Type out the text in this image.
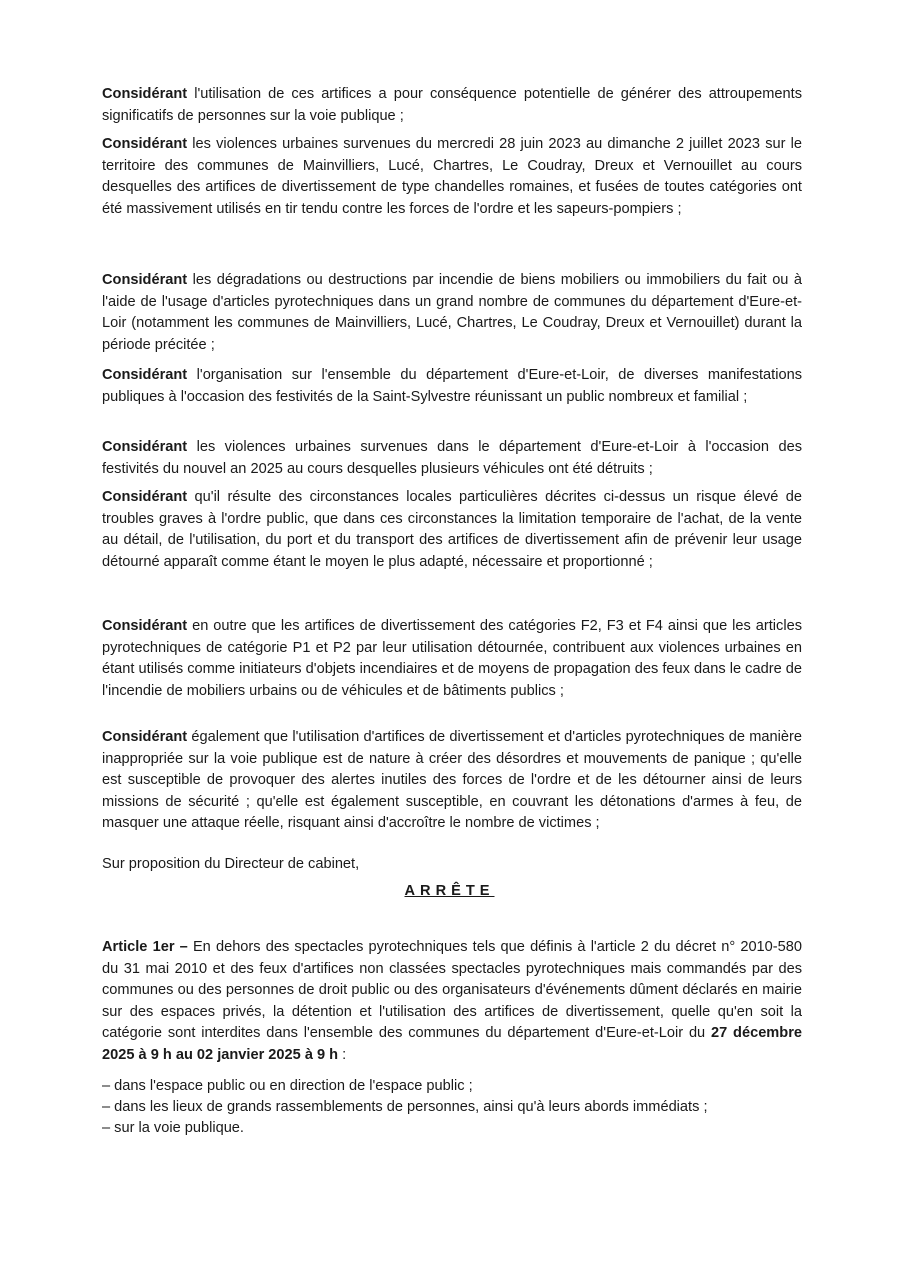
Considérant l'utilisation de ces artifices a pour conséquence potentielle de générer des attroupements significatifs de personnes sur la voie publique ;

Considérant les violences urbaines survenues du mercredi 28 juin 2023 au dimanche 2 juillet 2023 sur le territoire des communes de Mainvilliers, Lucé, Chartres, Le Coudray, Dreux et Vernouillet au cours desquelles des artifices de divertissement de type chandelles romaines, et fusées de toutes catégories ont été massivement utilisés en tir tendu contre les forces de l'ordre et les sapeurs-pompiers ;

Considérant les dégradations ou destructions par incendie de biens mobiliers ou immobiliers du fait ou à l'aide de l'usage d'articles pyrotechniques dans un grand nombre de communes du département d'Eure-et-Loir (notamment les communes de Mainvilliers, Lucé, Chartres, Le Coudray, Dreux et Vernouillet) durant la période précitée ;

Considérant l'organisation sur l'ensemble du département d'Eure-et-Loir, de diverses manifestations publiques à l'occasion des festivités de la Saint-Sylvestre réunissant un public nombreux et familial ;

Considérant les violences urbaines survenues dans le département d'Eure-et-Loir à l'occasion des festivités du nouvel an 2025 au cours desquelles plusieurs véhicules ont été détruits ;

Considérant qu'il résulte des circonstances locales particulières décrites ci-dessus un risque élevé de troubles graves à l'ordre public, que dans ces circonstances la limitation temporaire de l'achat, de la vente au détail, de l'utilisation, du port et du transport des artifices de divertissement afin de prévenir leur usage détourné apparaît comme étant le moyen le plus adapté, nécessaire et proportionné ;

Considérant en outre que les artifices de divertissement des catégories F2, F3 et F4 ainsi que les articles pyrotechniques de catégorie P1 et P2 par leur utilisation détournée, contribuent aux violences urbaines en étant utilisés comme initiateurs d'objets incendiaires et de moyens de propagation des feux dans le cadre de l'incendie de mobiliers urbains ou de véhicules et de bâtiments publics ;

Considérant également que l'utilisation d'artifices de divertissement et d'articles pyrotechniques de manière inappropriée sur la voie publique est de nature à créer des désordres et mouvements de panique ; qu'elle est susceptible de provoquer des alertes inutiles des forces de l'ordre et de les détourner ainsi de leurs missions de sécurité ; qu'elle est également susceptible, en couvrant les détonations d'armes à feu, de masquer une attaque réelle, risquant ainsi d'accroître le nombre de victimes ;

Sur proposition du Directeur de cabinet,

ARRÊTE

Article 1er – En dehors des spectacles pyrotechniques tels que définis à l'article 2 du décret n° 2010-580 du 31 mai 2010 et des feux d'artifices non classées spectacles pyrotechniques mais commandés par des communes ou des personnes de droit public ou des organisateurs d'événements dûment déclarés en mairie sur des espaces privés, la détention et l'utilisation des artifices de divertissement, quelle qu'en soit la catégorie sont interdites dans l'ensemble des communes du département d'Eure-et-Loir du 27 décembre 2025 à 9 h au 02 janvier 2025 à 9 h :

– dans l'espace public ou en direction de l'espace public ;
– dans les lieux de grands rassemblements de personnes, ainsi qu'à leurs abords immédiats ;
– sur la voie publique.
